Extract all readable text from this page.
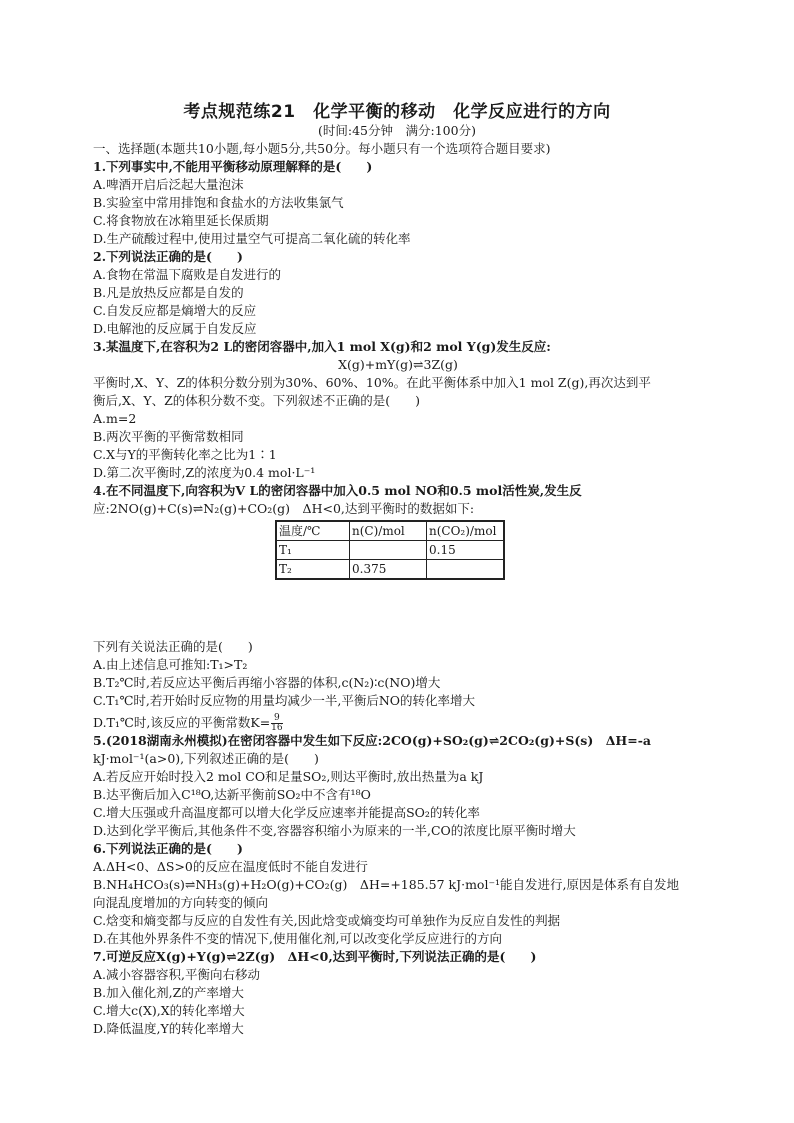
考点规范练21　化学平衡的移动　化学反应进行的方向
(时间:45分钟　满分:100分)
一、选择题(本题共10小题,每小题5分,共50分。每小题只有一个选项符合题目要求)
1.下列事实中,不能用平衡移动原理解释的是(　　)
A.啤酒开启后泛起大量泡沫
B.实验室中常用排饱和食盐水的方法收集氯气
C.将食物放在冰箱里延长保质期
D.生产硫酸过程中,使用过量空气可提高二氧化硫的转化率
2.下列说法正确的是(　　)
A.食物在常温下腐败是自发进行的
B.凡是放热反应都是自发的
C.自发反应都是熵增大的反应
D.电解池的反应属于自发反应
3.某温度下,在容积为2 L的密闭容器中,加入1 mol X(g)和2 mol Y(g)发生反应:
X(g)+mY(g)⇌3Z(g)
平衡时,X、Y、Z的体积分数分别为30%、60%、10%。在此平衡体系中加入1 mol Z(g),再次达到平
衡后,X、Y、Z的体积分数不变。下列叙述不正确的是(　　)
A.m=2
B.两次平衡的平衡常数相同
C.X与Y的平衡转化率之比为1∶1
D.第二次平衡时,Z的浓度为0.4 mol·L⁻¹
4.在不同温度下,向容积为V L的密闭容器中加入0.5 mol NO和0.5 mol活性炭,发生反
应:2NO(g)+C(s)⇌N₂(g)+CO₂(g)　ΔH<0,达到平衡时的数据如下:
温度/℃	n(C)/mol	n(CO₂)/mol
T₁		0.15
T₂	0.375	
下列有关说法正确的是(　　)
A.由上述信息可推知:T₁>T₂
B.T₂℃时,若反应达平衡后再缩小容器的体积,c(N₂)∶c(NO)增大
C.T₁℃时,若开始时反应物的用量均减少一半,平衡后NO的转化率增大
D.T₁℃时,该反应的平衡常数$K= \frac{9}{16}$
5.(2018湖南永州模拟)在密闭容器中发生如下反应:2CO(g)+SO₂(g)⇌2CO₂(g)+S(s)　ΔH=-a
kJ·mol⁻¹(a>0),下列叙述正确的是(　　)
A.若反应开始时投入2 mol CO和足量SO₂,则达平衡时,放出热量为a kJ
B.达平衡后加入C¹⁸O,达新平衡前SO₂中不含有¹⁸O
C.增大压强或升高温度都可以增大化学反应速率并能提高SO₂的转化率
D.达到化学平衡后,其他条件不变,容器容积缩小为原来的一半,CO的浓度比原平衡时增大
6.下列说法正确的是(　　)
A.ΔH<0、ΔS>0的反应在温度低时不能自发进行
B.NH₄HCO₃(s)⇌NH₃(g)+H₂O(g)+CO₂(g)　ΔH=+185.57 kJ·mol⁻¹能自发进行,原因是体系有自发地
向混乱度增加的方向转变的倾向
C.焓变和熵变都与反应的自发性有关,因此焓变或熵变均可单独作为反应自发性的判据
D.在其他外界条件不变的情况下,使用催化剂,可以改变化学反应进行的方向
7.可逆反应X(g)+Y(g)⇌2Z(g)　ΔH<0,达到平衡时,下列说法正确的是(　　)
A.减小容器容积,平衡向右移动
B.加入催化剂,Z的产率增大
C.增大c(X),X的转化率增大
D.降低温度,Y的转化率增大
